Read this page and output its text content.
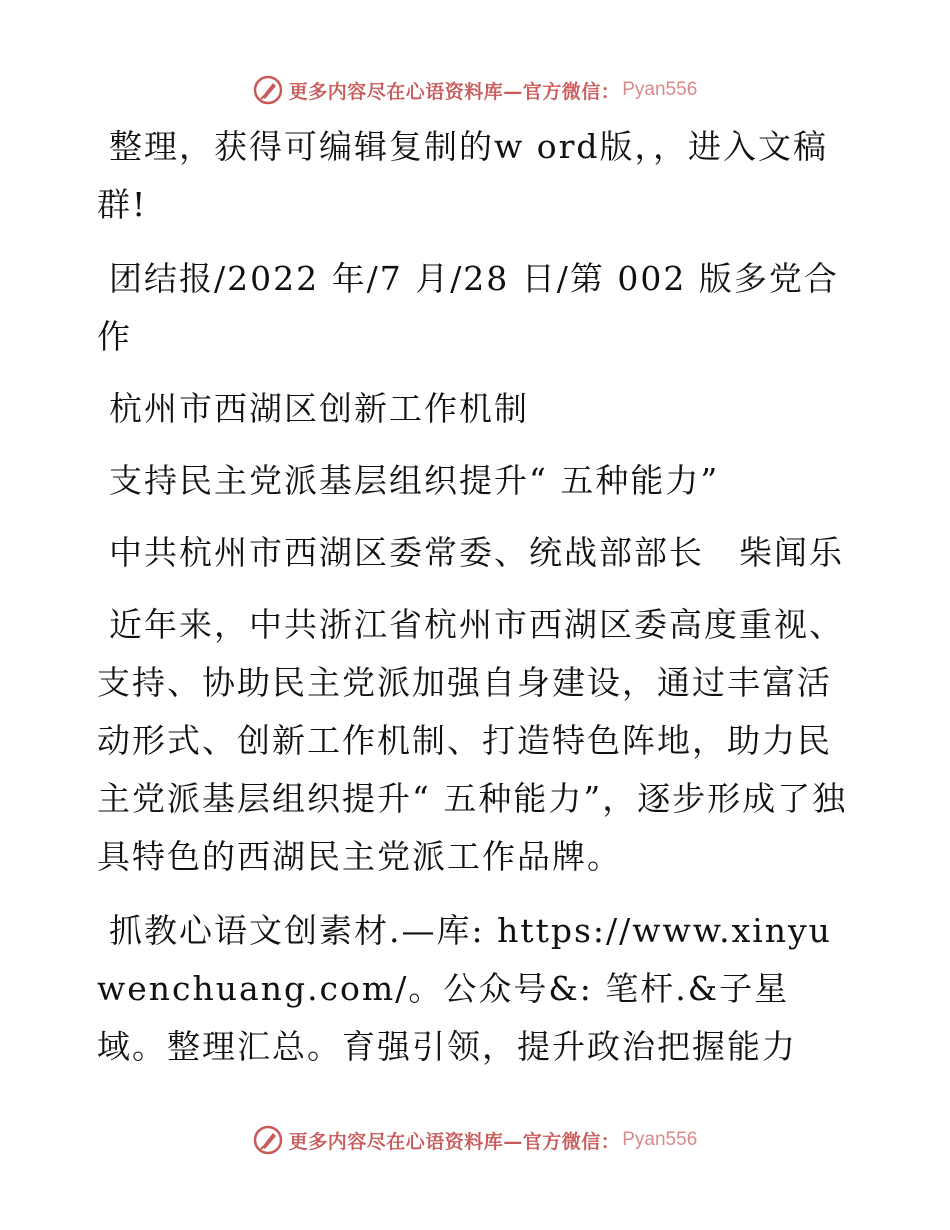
更多内容尽在心语资料库—官方微信： Pyan556

整理，获得可编辑复制的w ord版，，进入文稿群!

团结报/2022 年/7 月/28 日/第 002 版多党合作

杭州市西湖区创新工作机制

支持民主党派基层组织提升“ 五种能力”

中共杭州市西湖区委常委、统战部部长　柴闻乐

近年来，中共浙江省杭州市西湖区委高度重视、支持、协助民主党派加强自身建设，通过丰富活动形式、创新工作机制、打造特色阵地，助力民主党派基层组织提升“ 五种能力”，逐步形成了独具特色的西湖民主党派工作品牌。

抓教心语文创素材.—库: https://www.xinyuwenchuang.com/。公众号&: 笔杆.&子星域。整理汇总。育强引领，提升政治把握能力

更多内容尽在心语资料库—官方微信： Pyan556
